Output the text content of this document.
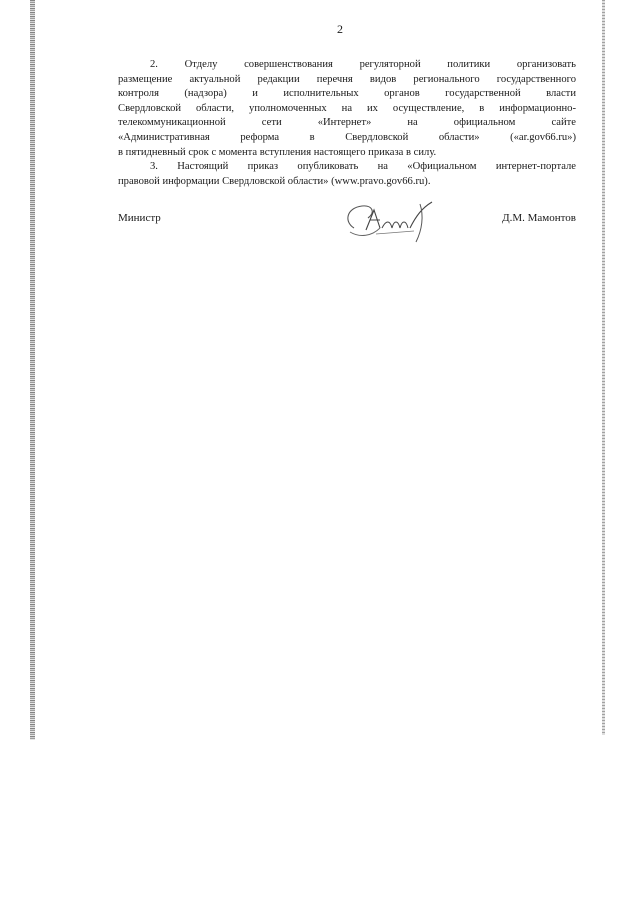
2
2. Отделу совершенствования регуляторной политики организовать
размещение актуальной редакции перечня видов регионального государственного
контроля (надзора) и исполнительных органов государственной власти
Свердловской области, уполномоченных на их осуществление, в информационно-
телекоммуникационной сети «Интернет» на официальном сайте
«Административная реформа в Свердловской области» («ar.gov66.ru»)
в пятидневный срок с момента вступления настоящего приказа в силу.
3. Настоящий приказ опубликовать на «Официальном интернет-портале
правовой информации Свердловской области» (www.pravo.gov66.ru).
Министр	Д.М. Мамонтов
